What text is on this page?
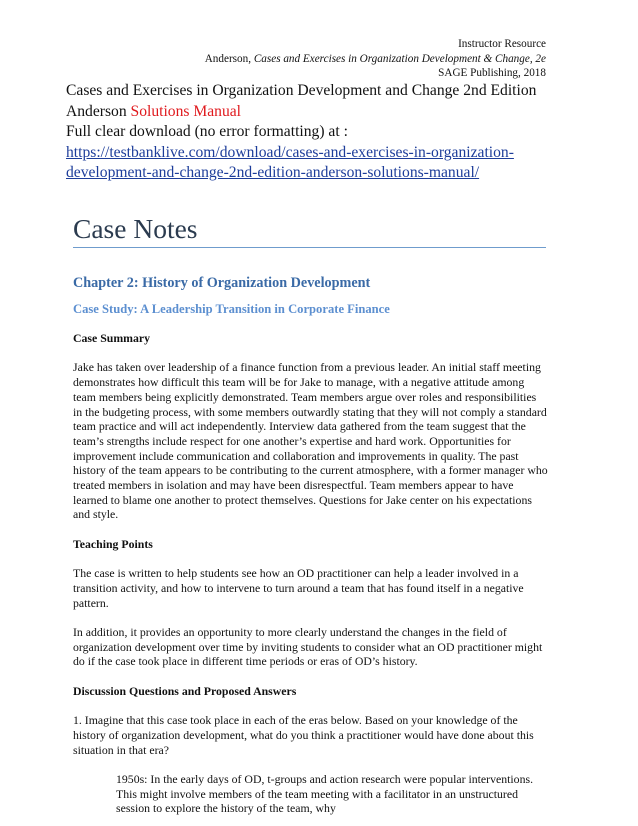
Instructor Resource
Anderson, Cases and Exercises in Organization Development & Change, 2e
SAGE Publishing, 2018
Cases and Exercises in Organization Development and Change 2nd Edition
Anderson Solutions Manual
Full clear download (no error formatting) at :
https://testbanklive.com/download/cases-and-exercises-in-organization-
development-and-change-2nd-edition-anderson-solutions-manual/
Case Notes
Chapter 2: History of Organization Development
Case Study: A Leadership Transition in Corporate Finance
Case Summary

Jake has taken over leadership of a finance function from a previous leader. An initial staff meeting demonstrates how difficult this team will be for Jake to manage, with a negative attitude among team members being explicitly demonstrated. Team members argue over roles and responsibilities in the budgeting process, with some members outwardly stating that they will not comply a standard team practice and will act independently. Interview data gathered from the team suggest that the team’s strengths include respect for one another’s expertise and hard work. Opportunities for improvement include communication and collaboration and improvements in quality. The past history of the team appears to be contributing to the current atmosphere, with a former manager who treated members in isolation and may have been disrespectful. Team members appear to have learned to blame one another to protect themselves. Questions for Jake center on his expectations and style.

Teaching Points

The case is written to help students see how an OD practitioner can help a leader involved in a transition activity, and how to intervene to turn around a team that has found itself in a negative pattern.

In addition, it provides an opportunity to more clearly understand the changes in the field of organization development over time by inviting students to consider what an OD practitioner might do if the case took place in different time periods or eras of OD’s history.

Discussion Questions and Proposed Answers

1. Imagine that this case took place in each of the eras below. Based on your knowledge of the history of organization development, what do you think a practitioner would have done about this situation in that era?

1950s: In the early days of OD, t-groups and action research were popular interventions. This might involve members of the team meeting with a facilitator in an unstructured session to explore the history of the team, why
